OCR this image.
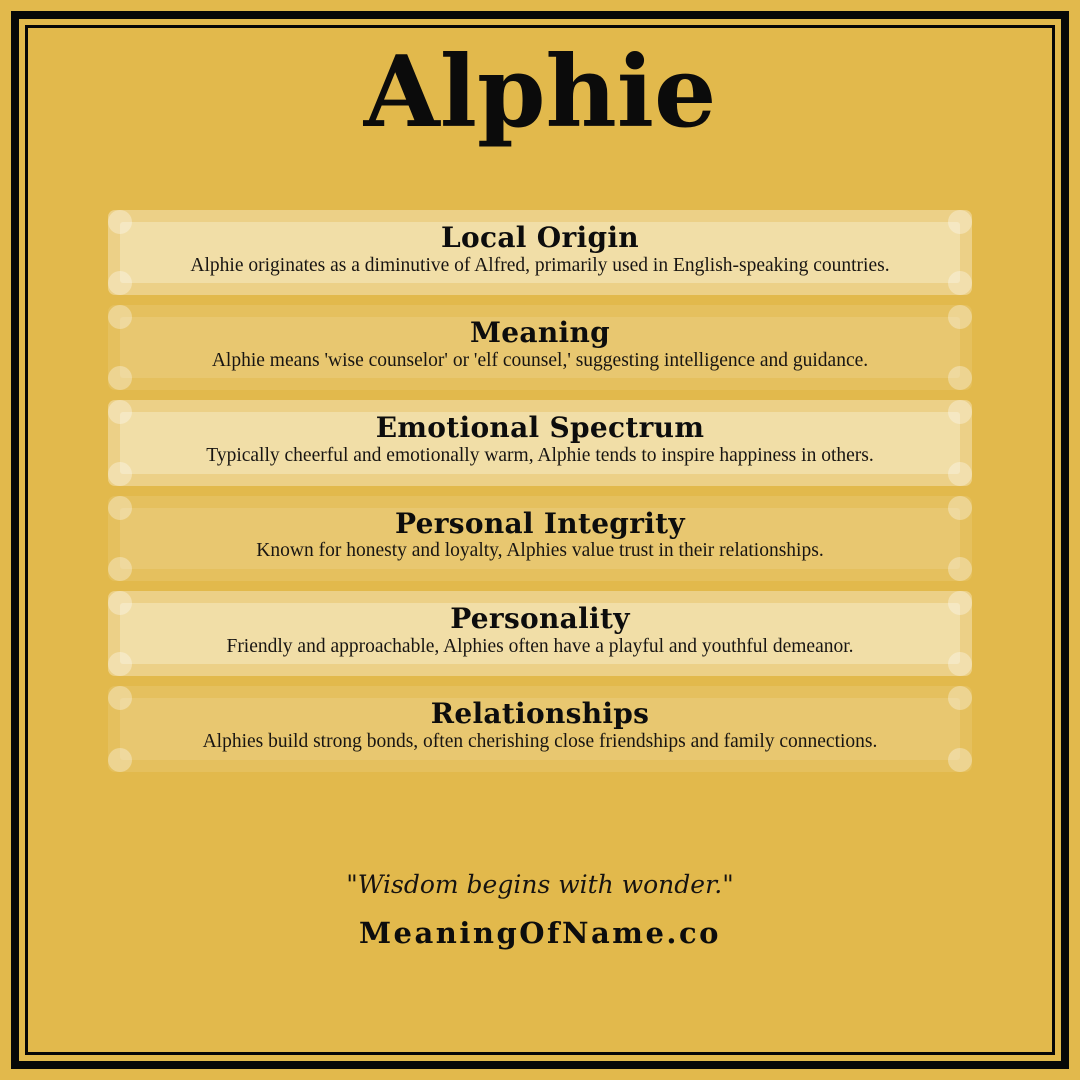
Alphie
Local Origin

Alphie originates as a diminutive of Alfred, primarily used in English-speaking countries.

Meaning

Alphie means 'wise counselor' or 'elf counsel,' suggesting intelligence and guidance.

Emotional Spectrum

Typically cheerful and emotionally warm, Alphie tends to inspire happiness in others.

Personal Integrity

Known for honesty and loyalty, Alphies value trust in their relationships.

Personality

Friendly and approachable, Alphies often have a playful and youthful demeanor.

Relationships

Alphies build strong bonds, often cherishing close friendships and family connections.

"Wisdom begins with wonder."

MeaningOfName.co
